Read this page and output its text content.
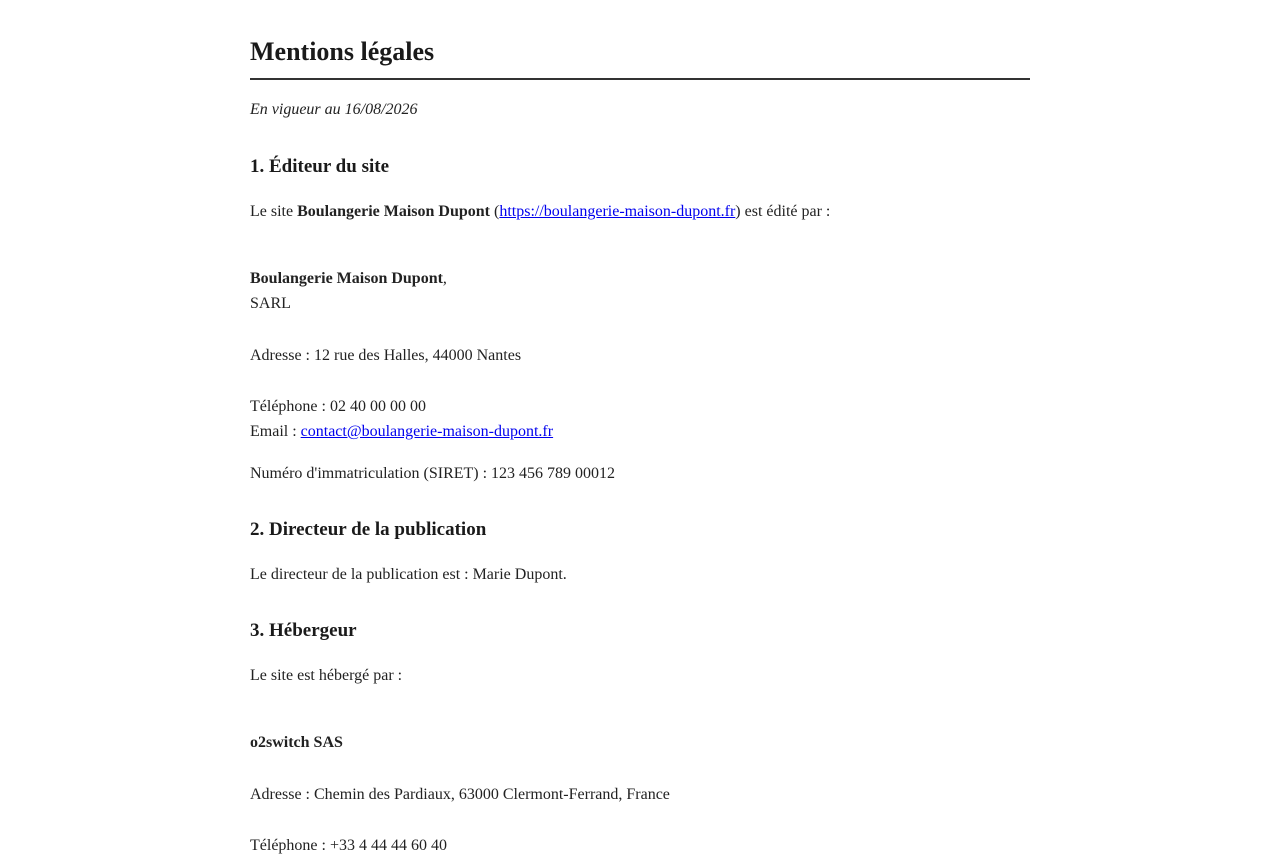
Mentions légales

En vigueur au 16/08/2026

1. Éditeur du site

Le site Boulangerie Maison Dupont (https://boulangerie-maison-dupont.fr) est édité par :

Boulangerie Maison Dupont,

SARL

Adresse : 12 rue des Halles, 44000 Nantes

Téléphone : 02 40 00 00 00

Email : contact@boulangerie-maison-dupont.fr

Numéro d'immatriculation (SIRET) : 123 456 789 00012

2. Directeur de la publication

Le directeur de la publication est : Marie Dupont.

3. Hébergeur

Le site est hébergé par :

o2switch SAS

Adresse : Chemin des Pardiaux, 63000 Clermont-Ferrand, France

Téléphone : +33 4 44 44 60 40
